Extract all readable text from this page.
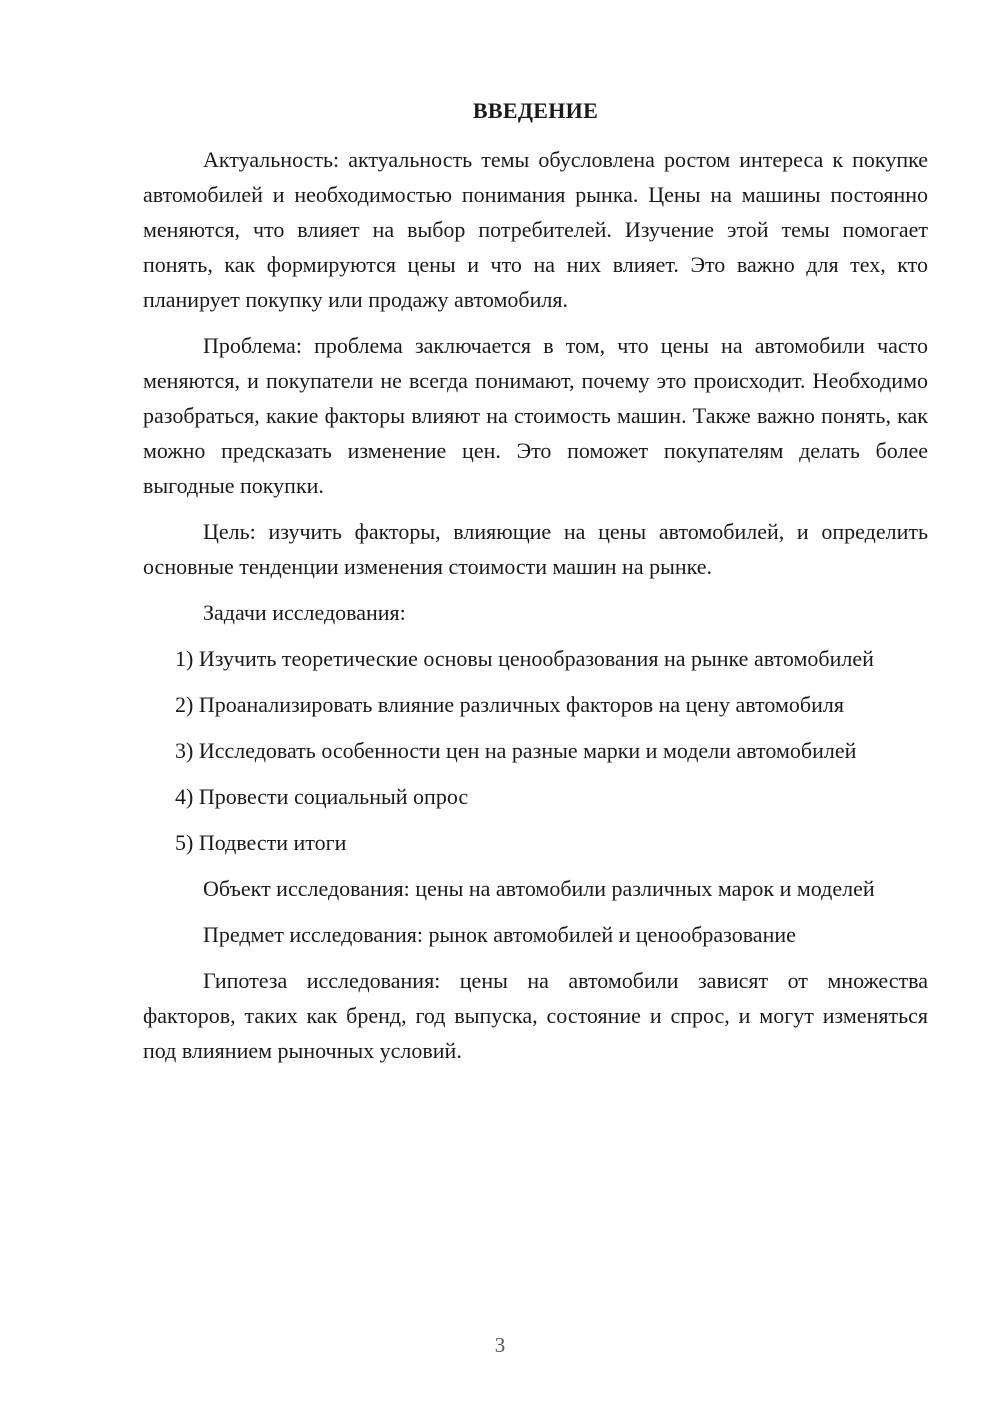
ВВЕДЕНИЕ

Актуальность: актуальность темы обусловлена ростом интереса к покупке автомобилей и необходимостью понимания рынка. Цены на машины постоянно меняются, что влияет на выбор потребителей. Изучение этой темы помогает понять, как формируются цены и что на них влияет. Это важно для тех, кто планирует покупку или продажу автомобиля.

Проблема: проблема заключается в том, что цены на автомобили часто меняются, и покупатели не всегда понимают, почему это происходит. Необходимо разобраться, какие факторы влияют на стоимость машин. Также важно понять, как можно предсказать изменение цен. Это поможет покупателям делать более выгодные покупки.

Цель: изучить факторы, влияющие на цены автомобилей, и определить основные тенденции изменения стоимости машин на рынке.

Задачи исследования:

1) Изучить теоретические основы ценообразования на рынке автомобилей

2) Проанализировать влияние различных факторов на цену автомобиля

3) Исследовать особенности цен на разные марки и модели автомобилей

4) Провести социальный опрос

5) Подвести итоги

Объект исследования: цены на автомобили различных марок и моделей

Предмет исследования: рынок автомобилей и ценообразование

Гипотеза исследования: цены на автомобили зависят от множества факторов, таких как бренд, год выпуска, состояние и спрос, и могут изменяться под влиянием рыночных условий.

3
